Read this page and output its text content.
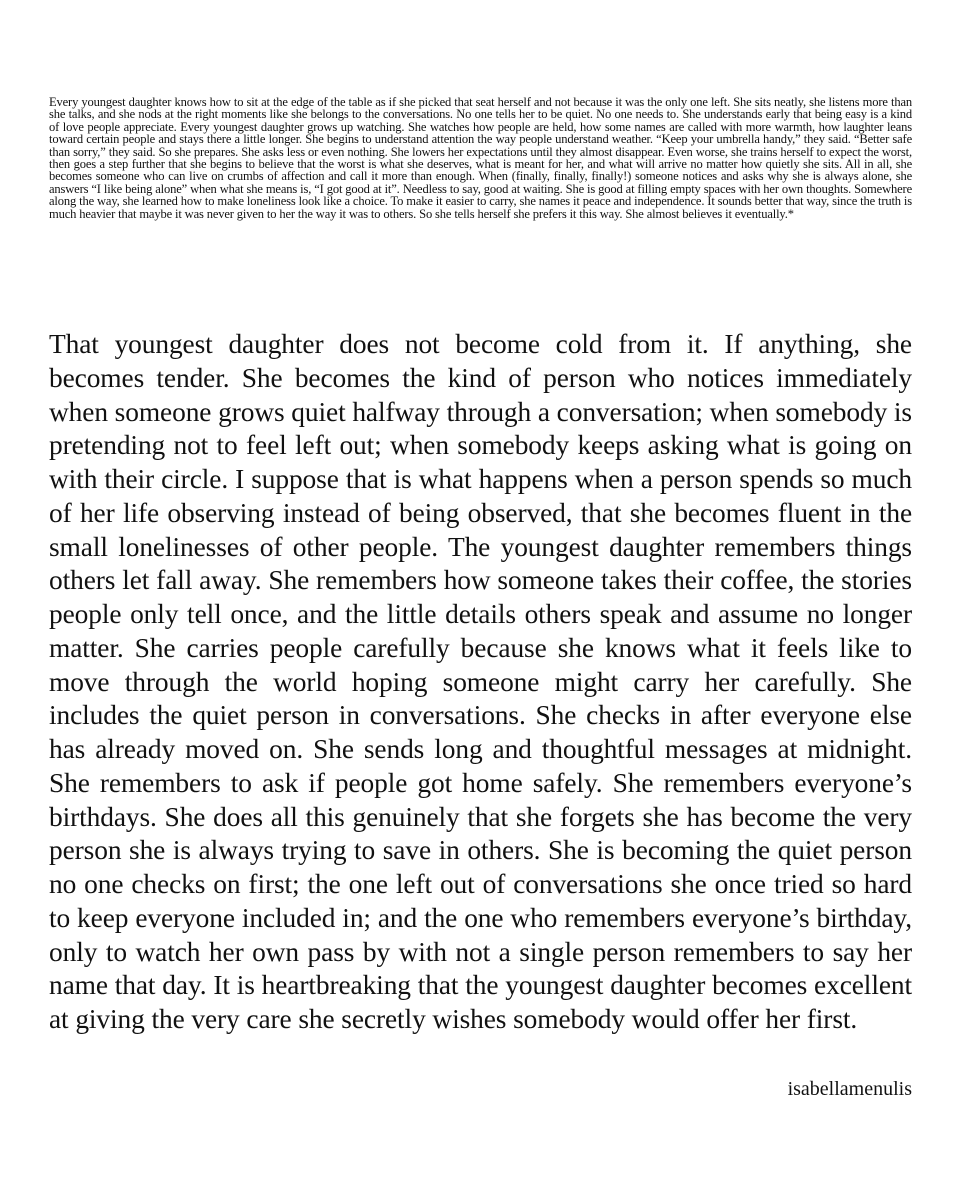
Every youngest daughter knows how to sit at the edge of the table as if she picked that seat herself and not because it was the only one left. She sits neatly, she listens more than she talks, and she nods at the right moments like she belongs to the conversations. No one tells her to be quiet. No one needs to. She understands early that being easy is a kind of love people appreciate. Every youngest daughter grows up watching. She watches how people are held, how some names are called with more warmth, how laughter leans toward certain people and stays there a little longer. She begins to understand attention the way people understand weather. “Keep your umbrella handy,” they said. “Better safe than sorry,” they said. So she prepares. She asks less or even nothing. She lowers her expectations until they almost disappear. Even worse, she trains herself to expect the worst, then goes a step further that she begins to believe that the worst is what she deserves, what is meant for her, and what will arrive no matter how quietly she sits. All in all, she becomes someone who can live on crumbs of affection and call it more than enough. When (finally, finally, finally!) someone notices and asks why she is always alone, she answers “I like being alone” when what she means is, “I got good at it”. Needless to say, good at waiting. She is good at filling empty spaces with her own thoughts. Somewhere along the way, she learned how to make loneliness look like a choice. To make it easier to carry, she names it peace and independence. It sounds better that way, since the truth is much heavier that maybe it was never given to her the way it was to others. So she tells herself she prefers it this way. She almost believes it eventually.*

That youngest daughter does not become cold from it. If anything, she becomes tender. She becomes the kind of person who notices immediately when someone grows quiet halfway through a conversation; when somebody is pretending not to feel left out; when somebody keeps asking what is going on with their circle. I suppose that is what happens when a person spends so much of her life observing instead of being observed, that she becomes fluent in the small lonelinesses of other people. The youngest daughter remembers things others let fall away. She remembers how someone takes their coffee, the stories people only tell once, and the little details others speak and assume no longer matter. She carries people carefully because she knows what it feels like to move through the world hoping someone might carry her carefully. She includes the quiet person in conversations. She checks in after everyone else has already moved on. She sends long and thoughtful messages at midnight. She remembers to ask if people got home safely. She remembers everyone’s birthdays. She does all this genuinely that she forgets she has become the very person she is always trying to save in others. She is becoming the quiet person no one checks on first; the one left out of conversations she once tried so hard to keep everyone included in; and the one who remembers everyone’s birthday, only to watch her own pass by with not a single person remembers to say her name that day. It is heartbreaking that the youngest daughter becomes excellent at giving the very care she secretly wishes somebody would offer her first.

isabellamenulis
